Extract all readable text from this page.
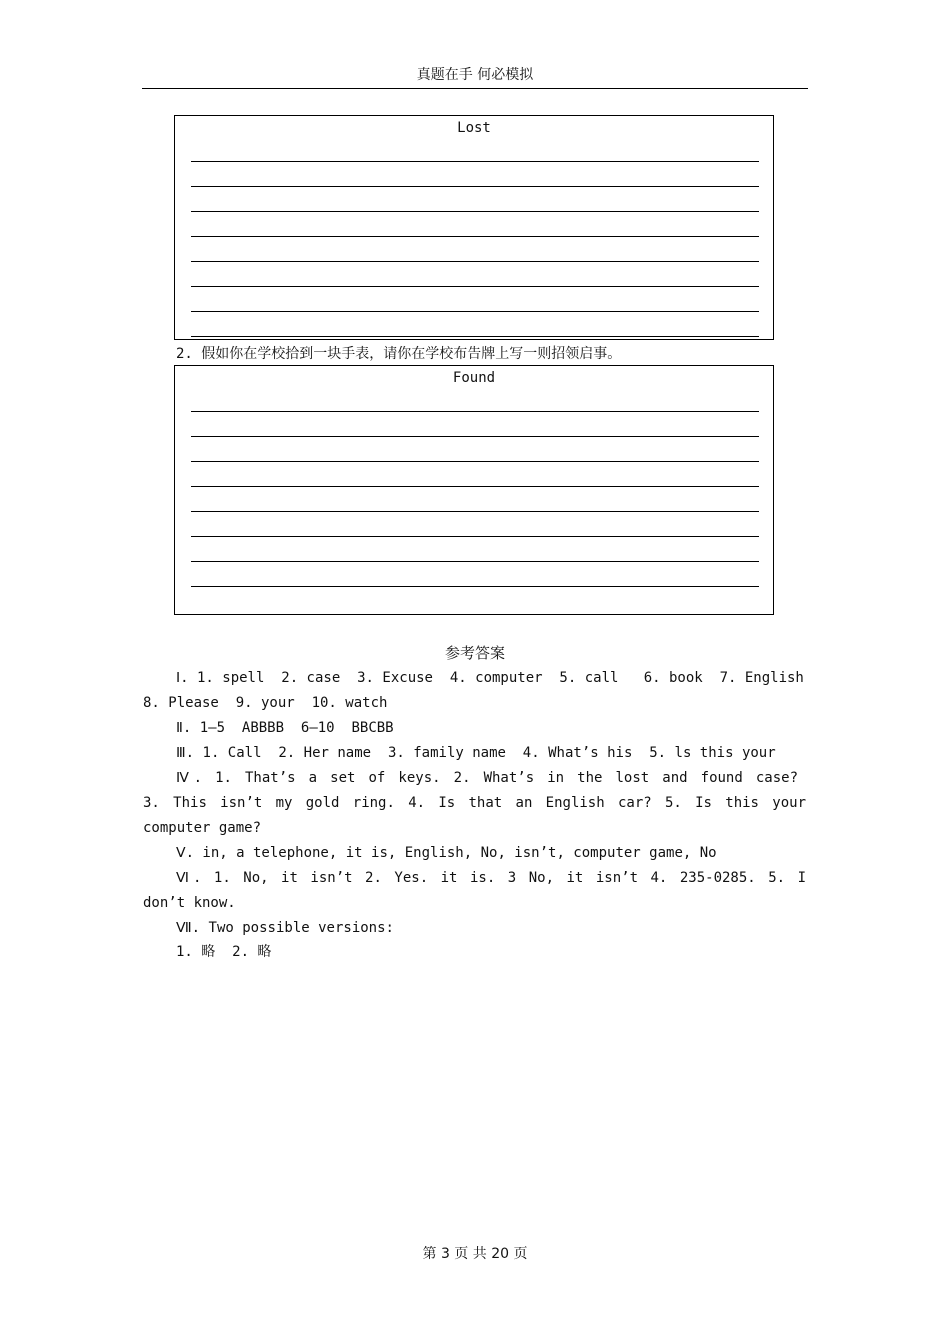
真题在手 何必模拟
Lost
2. 假如你在学校拾到一块手表，请你在学校布告牌上写一则招领启事。
Found
参考答案
Ⅰ. 1. spell  2. case  3. Excuse  4. computer  5. call   6. book  7. English
8. Please  9. your  10. watch
Ⅱ. 1—5  ABBBB  6—10  BBCBB
Ⅲ. 1. Call  2. Her name  3. family name  4. What’s his  5. ls this your
Ⅳ. 1. That’s a set of keys. 2. What’s in the lost and found case?
3. This isn’t my gold ring. 4. Is that an English car? 5. Is this your
computer game?
Ⅴ. in, a telephone, it is, English, No, isn’t, computer game, No
Ⅵ. 1. No, it isn’t 2. Yes. it is. 3 No, it isn’t 4. 235-0285. 5. I
don’t know.
Ⅶ. Two possible versions:
1. 略  2. 略
第 3 页 共 20 页
